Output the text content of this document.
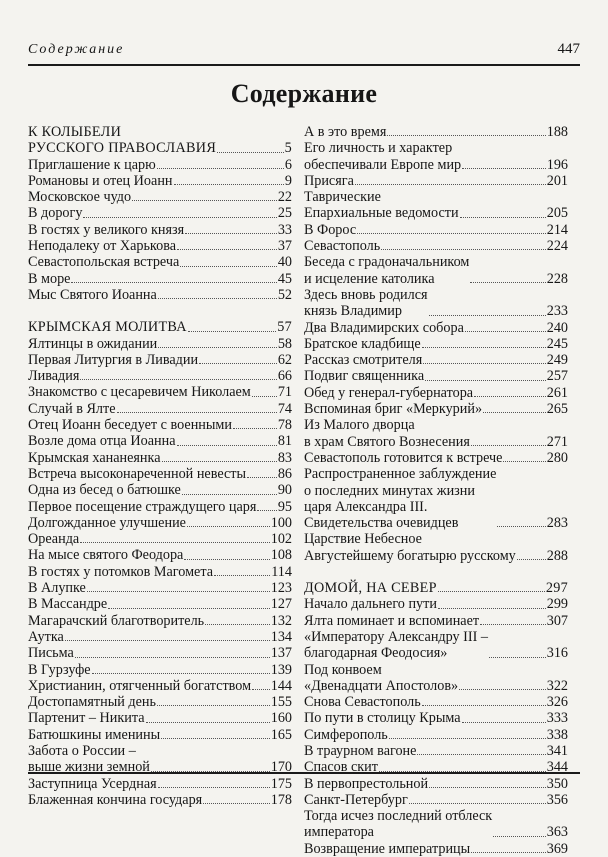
Содержание	447
Содержание
К КОЛЫБЕЛИ
РУССКОГО ПРАВОСЛАВИЯ	5
Приглашение к царю	6
Романовы и отец Иоанн	9
Московское чудо	22
В дорогу	25
В гостях у великого князя	33
Неподалеку от Харькова	37
Севастопольская встреча	40
В море	45
Мыс Святого Иоанна	52
КРЫМСКАЯ МОЛИТВА	57
Ялтинцы в ожидании	58
Первая Литургия в Ливадии	62
Ливадия	66
Знакомство с цесаревичем Николаем 71
Случай в Ялте	74
Отец Иоанн беседует с военными	78
Возле дома отца Иоанна	81
Крымская хананеянка	83
Встреча высоконареченной невесты 86
Одна из бесед о батюшке	90
Первое посещение страждущего царя 95
Долгожданное улучшение	100
Ореанда	102
На мысе святого Феодора	108
В гостях у потомков Магомета	114
В Алупке	123
В Массандре	127
Магарачский благотворитель	132
Аутка	134
Письма	137
В Гурзуфе	139
Христианин, отягченный богатством 144
Достопамятный день	155
Партенит – Никита	160
Батюшкины именины	165
Забота о России –
выше жизни земной	170
Заступница Усердная	175
Блаженная кончина государя	178
А в это время	188
Его личность и характер
обеспечивали Европе мир	196
Присяга	201
Таврические
Епархиальные ведомости	205
В Форос	214
Севастополь	224
Беседа с градоначальником
и исцеление католика	228
Здесь вновь родился
князь Владимир	233
Два Владимирских собора	240
Братское кладбище	245
Рассказ смотрителя	249
Подвиг священника	257
Обед у генерал-губернатора	261
Вспоминая бриг «Меркурий»	265
Из Малого дворца
в храм Святого Вознесения	271
Севастополь готовится к встрече	280
Распространенное заблуждение
о последних минутах жизни
царя Александра III.
Свидетельства очевидцев	283
Царствие Небесное
Августейшему богатырю русскому 288
ДОМОЙ, НА СЕВЕР	297
Начало дальнего пути	299
Ялта поминает и вспоминает	307
«Императору Александру III –
благодарная Феодосия»	316
Под конвоем
«Двенадцати Апостолов»	322
Снова Севастополь	326
По пути в столицу Крыма	333
Симферополь	338
В траурном вагоне	341
Спасов скит	344
В первопрестольной	350
Санкт-Петербург	356
Тогда исчез последний отблеск
императора	363
Возвращение императрицы	369
